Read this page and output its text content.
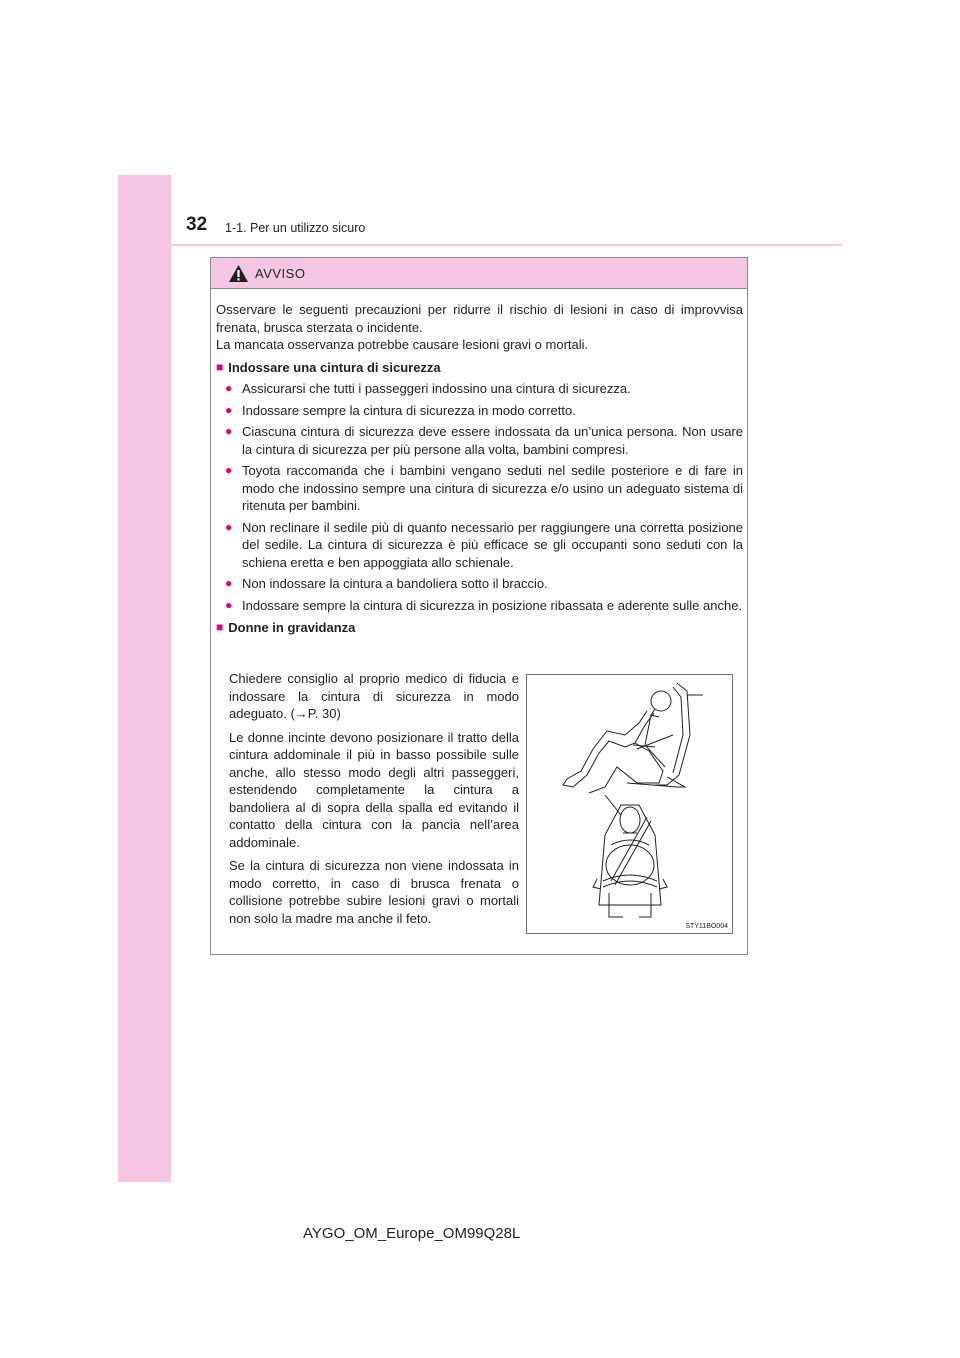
32 1-1. Per un utilizzo sicuro
AVVISO

Osservare le seguenti precauzioni per ridurre il rischio di lesioni in caso di improvvisa frenata, brusca sterzata o incidente.

La mancata osservanza potrebbe causare lesioni gravi o mortali.

■ Indossare una cintura di sicurezza
● Assicurarsi che tutti i passeggeri indossino una cintura di sicurezza.
● Indossare sempre la cintura di sicurezza in modo corretto.
● Ciascuna cintura di sicurezza deve essere indossata da un’unica persona. Non usare la cintura di sicurezza per più persone alla volta, bambini compresi.
● Toyota raccomanda che i bambini vengano seduti nel sedile posteriore e di fare in modo che indossino sempre una cintura di sicurezza e/o usino un adeguato sistema di ritenuta per bambini.
● Non reclinare il sedile più di quanto necessario per raggiungere una corretta posizione del sedile. La cintura di sicurezza è più efficace se gli occupanti sono seduti con la schiena eretta e ben appoggiata allo schienale.
● Non indossare la cintura a bandoliera sotto il braccio.
● Indossare sempre la cintura di sicurezza in posizione ribassata e aderente sulle anche.
■ Donne in gravidanza

Chiedere consiglio al proprio medico di fiducia e indossare la cintura di sicurezza in modo adeguato. (→P. 30)

Le donne incinte devono posizionare il tratto della cintura addominale il più in basso possibile sulle anche, allo stesso modo degli altri passeggeri, estendendo completamente la cintura a bandoliera al di sopra della spalla ed evitando il contatto della cintura con la pancia nell’area addominale.

Se la cintura di sicurezza non viene indossata in modo corretto, in caso di brusca frenata o collisione potrebbe subire lesioni gravi o mortali non solo la madre ma anche il feto.

STY11BO004
AYGO_OM_Europe_OM99Q28L
